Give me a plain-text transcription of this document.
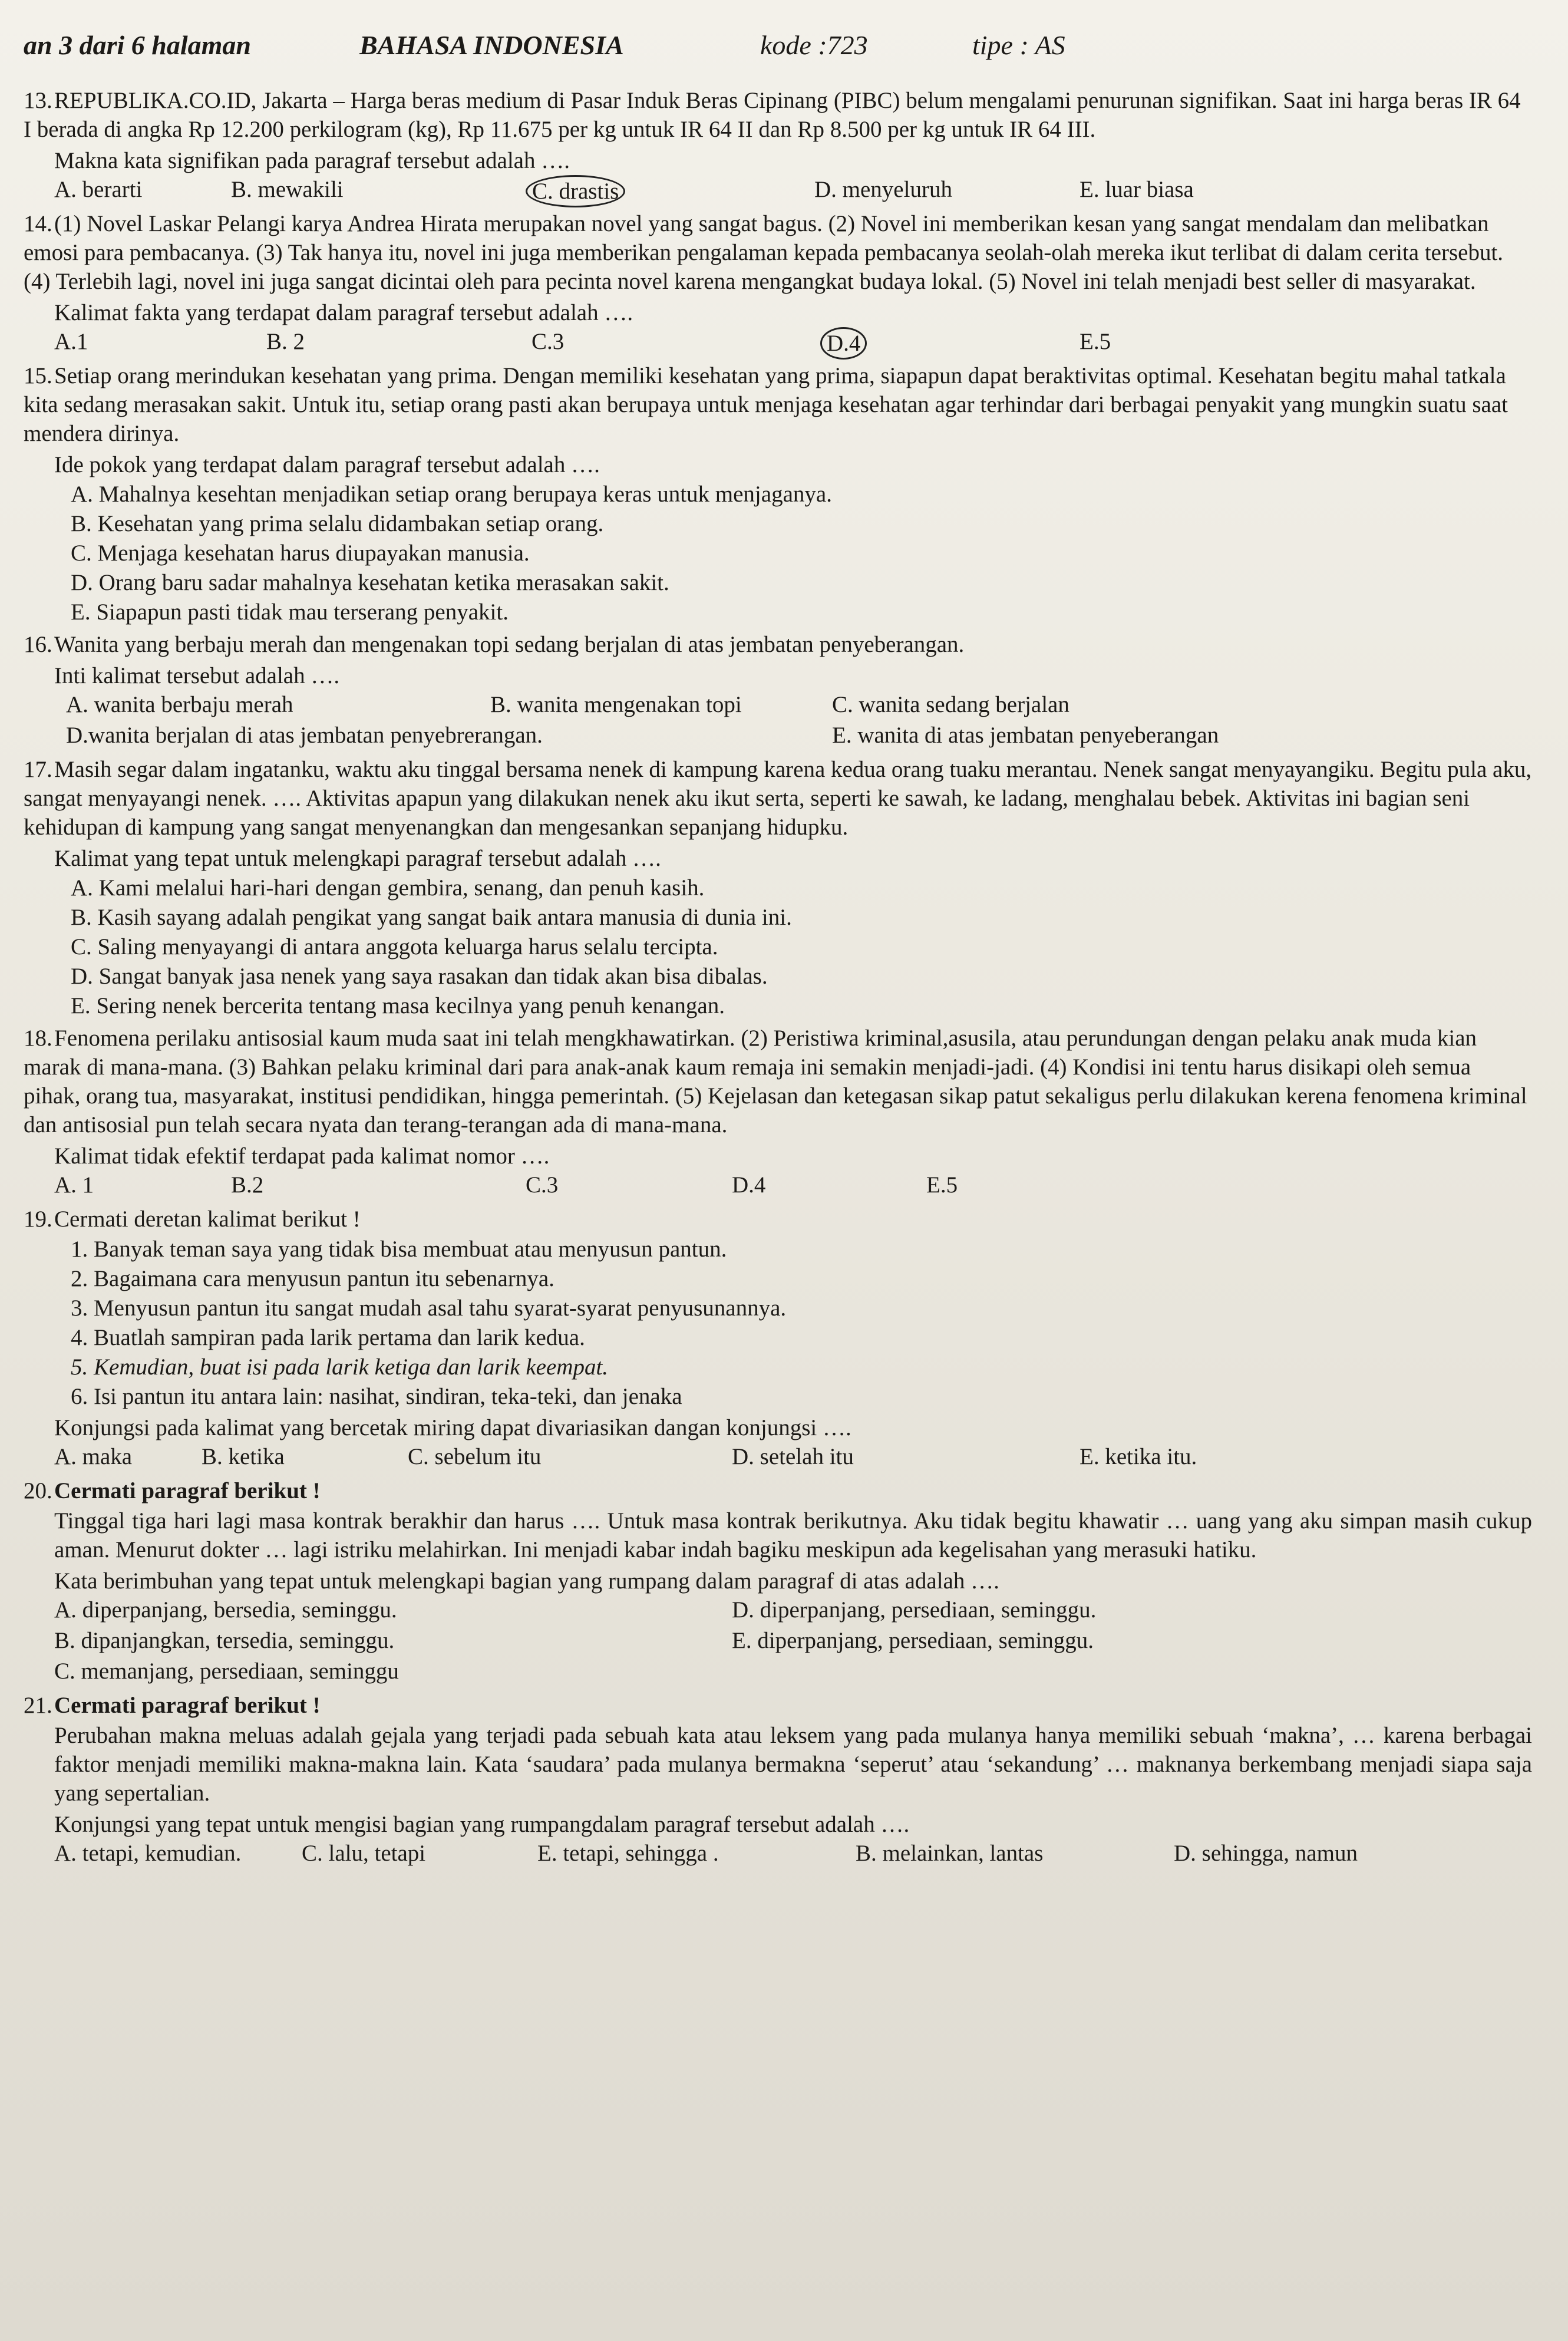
an 3 dari 6 halaman	BAHASA INDONESIA	kode :723	tipe : AS
13.REPUBLIKA.CO.ID, Jakarta – Harga beras medium di Pasar Induk Beras Cipinang (PIBC) belum mengalami penurunan signifikan. Saat ini harga beras IR 64 I berada di angka Rp 12.200 perkilogram (kg), Rp 11.675 per kg untuk IR 64 II dan Rp 8.500 per kg untuk IR 64 III.
Makna kata signifikan pada paragraf tersebut adalah ….
A. berarti	B. mewakili	C. drastis	D. menyeluruh	E. luar biasa
14.(1) Novel Laskar Pelangi karya Andrea Hirata merupakan novel yang sangat bagus. (2) Novel ini memberikan kesan yang sangat mendalam dan melibatkan emosi para pembacanya. (3) Tak hanya itu, novel ini juga memberikan pengalaman kepada pembacanya seolah-olah mereka ikut terlibat di dalam cerita tersebut. (4) Terlebih lagi, novel ini juga sangat dicintai oleh para pecinta novel karena mengangkat budaya lokal. (5) Novel ini telah menjadi best seller di masyarakat.
Kalimat fakta yang terdapat dalam paragraf tersebut adalah ….
A.1	B. 2	C.3	D.4	E.5
15.Setiap orang merindukan kesehatan yang prima. Dengan memiliki kesehatan yang prima, siapapun dapat beraktivitas optimal. Kesehatan begitu mahal tatkala kita sedang merasakan sakit. Untuk itu, setiap orang pasti akan berupaya untuk menjaga kesehatan agar terhindar dari berbagai penyakit yang mungkin suatu saat mendera dirinya.
Ide pokok yang terdapat dalam paragraf tersebut adalah ….
A. Mahalnya kesehtan menjadikan setiap orang berupaya keras untuk menjaganya.
B. Kesehatan yang prima selalu didambakan setiap orang.
C. Menjaga kesehatan harus diupayakan manusia.
D. Orang baru sadar mahalnya kesehatan ketika merasakan sakit.
E. Siapapun pasti tidak mau terserang penyakit.
16.Wanita yang berbaju merah dan mengenakan topi sedang berjalan di atas jembatan penyeberangan.
Inti kalimat tersebut adalah ….
A. wanita berbaju merah	B. wanita mengenakan topi	C. wanita sedang berjalan
D.wanita berjalan di atas jembatan penyebrerangan.	E. wanita di atas jembatan penyeberangan
17.Masih segar dalam ingatanku, waktu aku tinggal bersama nenek di kampung karena kedua orang tuaku merantau. Nenek sangat menyayangiku. Begitu pula aku, sangat menyayangi nenek. …. Aktivitas apapun yang dilakukan nenek aku ikut serta, seperti ke sawah, ke ladang, menghalau bebek. Aktivitas ini bagian seni kehidupan di kampung yang sangat menyenangkan dan mengesankan sepanjang hidupku.
Kalimat yang tepat untuk melengkapi paragraf tersebut adalah ….
A. Kami melalui hari-hari dengan gembira, senang, dan penuh kasih.
B. Kasih sayang adalah pengikat yang sangat baik antara manusia di dunia ini.
C. Saling menyayangi di antara anggota keluarga harus selalu tercipta.
D. Sangat banyak jasa nenek yang saya rasakan dan tidak akan bisa dibalas.
E. Sering nenek bercerita tentang masa kecilnya yang penuh kenangan.
18.Fenomena perilaku antisosial kaum muda saat ini telah mengkhawatirkan. (2) Peristiwa kriminal,asusila, atau perundungan dengan pelaku anak muda kian marak di mana-mana. (3) Bahkan pelaku kriminal dari para anak-anak kaum remaja ini semakin menjadi-jadi. (4) Kondisi ini tentu harus disikapi oleh semua pihak, orang tua, masyarakat, institusi pendidikan, hingga pemerintah. (5) Kejelasan dan ketegasan sikap patut sekaligus perlu dilakukan kerena fenomena kriminal dan antisosial pun telah secara nyata dan terang-terangan ada di mana-mana.
Kalimat tidak efektif terdapat pada kalimat nomor ….
A. 1	B.2	C.3	D.4	E.5
19.Cermati deretan kalimat berikut !
1. Banyak teman saya yang tidak bisa membuat atau menyusun pantun.
2. Bagaimana cara menyusun pantun itu sebenarnya.
3. Menyusun pantun itu sangat mudah asal tahu syarat-syarat penyusunannya.
4. Buatlah sampiran pada larik pertama dan larik kedua.
5. Kemudian, buat isi pada larik ketiga dan larik keempat.
6. Isi pantun itu antara lain: nasihat, sindiran, teka-teki, dan jenaka
Konjungsi pada kalimat yang bercetak miring dapat divariasikan dangan konjungsi ….
A. maka	B. ketika	C. sebelum itu	D. setelah itu	E. ketika itu.
20.Cermati paragraf berikut !
Tinggal tiga hari lagi masa kontrak berakhir dan harus …. Untuk masa kontrak berikutnya. Aku tidak begitu khawatir … uang yang aku simpan masih cukup aman. Menurut dokter … lagi istriku melahirkan. Ini menjadi kabar indah bagiku meskipun ada kegelisahan yang merasuki hatiku.
Kata berimbuhan yang tepat untuk melengkapi bagian yang rumpang dalam paragraf di atas adalah ….
A. diperpanjang, bersedia, seminggu.	D. diperpanjang, persediaan, seminggu.
B. dipanjangkan, tersedia, seminggu.	E. diperpanjang, persediaan, seminggu.
C. memanjang, persediaan, seminggu
21.Cermati paragraf berikut !
Perubahan makna meluas adalah gejala yang terjadi pada sebuah kata atau leksem yang pada mulanya hanya memiliki sebuah ‘makna’, … karena berbagai faktor menjadi memiliki makna-makna lain. Kata ‘saudara’ pada mulanya bermakna ‘seperut’ atau ‘sekandung’ … maknanya berkembang menjadi siapa saja yang sepertalian.
Konjungsi yang tepat untuk mengisi bagian yang rumpangdalam paragraf tersebut adalah ….
A. tetapi, kemudian.	C. lalu, tetapi	E. tetapi, sehingga .	B. melainkan, lantas	D. sehingga, namun
